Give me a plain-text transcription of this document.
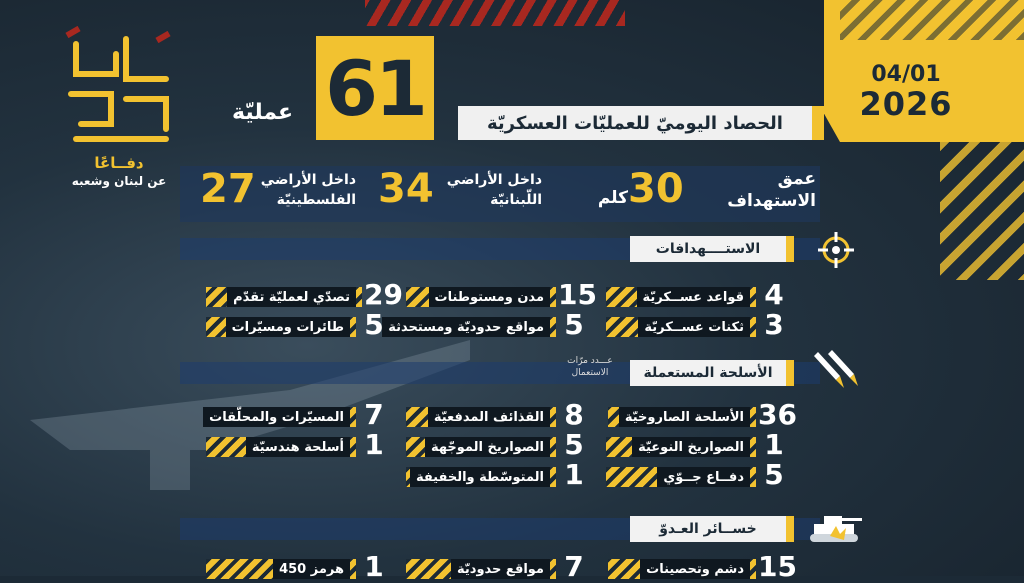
04/01
2026
دفــاعًا
عن لبنان وشعبه
61
عمليّة	الحصاد اليوميّ للعمليّات العسكريّة
عمق الاستهداف
30
كلم
34 داخل الأراضي اللّبنانيّة
27 داخل الأراضي الفلسطينيّة
الاستــــهدافات
قواعد عســكريّة 4
مدن ومستوطنات 15
تصدّي لعمليّة تقدّم 29
ثكنات عســكريّة 3
مواقع حدوديّة ومستحدثة 5
طائرات ومسيّرات 5
الأسلحة المستعملة
عـــدد مرّات الاستعمال
الأسلحة الصاروخيّة 36
القذائف المدفعيّة 8
المسيّرات والمحلّقات 7
الصواريخ النوعيّة 1
الصواريخ الموجّهة 5
أسلحة هندسيّة 1
دفــاع جــوّي 5
المتوسّطة والخفيفة 1
خســائر العـدوّ
دشم وتحصينات 15
مواقع حدوديّة 7
هرمز 450 1
